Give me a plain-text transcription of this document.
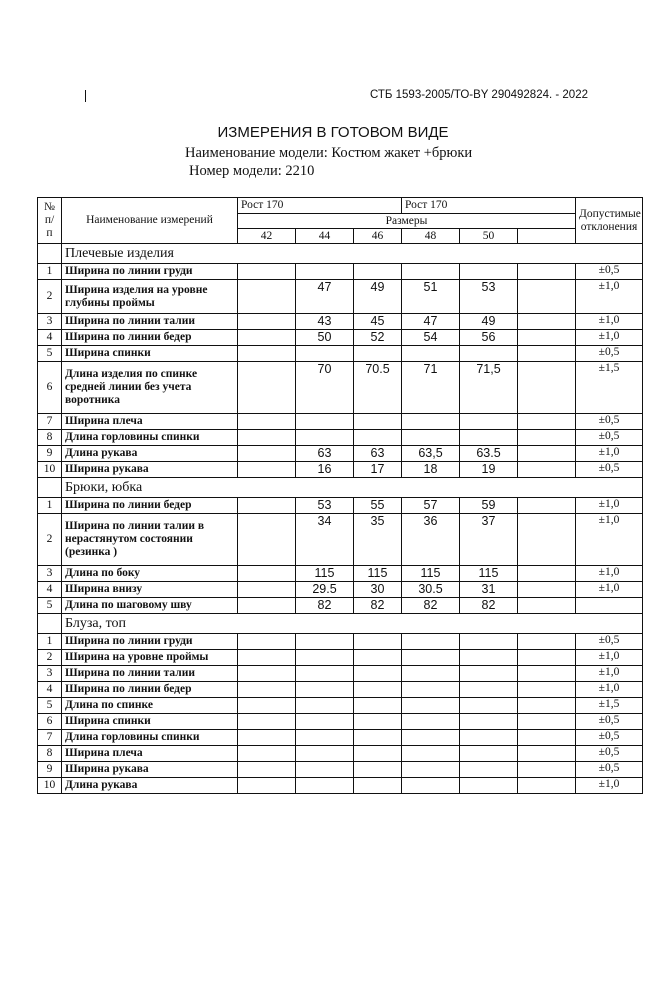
СТБ 1593-2005/ТО-BY 290492824. - 2022
ИЗМЕРЕНИЯ В ГОТОВОМ ВИДЕ
Наименование модели: Костюм жакет +брюки
Номер модели: 2210
№ п/ п	Наименование измерений	Рост 170			Рост 170			Допустимые отклонения
		Размеры						
		42	44	46	48	50		
	Плечевые изделия							
1	Ширина по линии груди							±0,5
2	Ширина изделия на уровне глубины проймы		47	49	51	53		±1,0
3	Ширина по линии талии		43	45	47	49		±1,0
4	Ширина по линии бедер		50	52	54	56		±1,0
5	Ширина спинки							±0,5
6	Длина изделия по спинке средней линии без учета воротника		70	70.5	71	71,5		±1,5
7	Ширина плеча							±0,5
8	Длина горловины спинки							±0,5
9	Длина рукава		63	63	63,5	63.5		±1,0
10	Ширина рукава		16	17	18	19		±0,5
	Брюки, юбка							
1	Ширина по линии бедер		53	55	57	59		±1,0
2	Ширина по линии талии в нерастянутом состоянии (резинка )		34	35	36	37		±1,0
3	Длина по боку		115	115	115	115		±1,0
4	Ширина внизу		29.5	30	30.5	31		±1,0
5	Длина по шаговому шву		82	82	82	82		
	Блуза, топ							
1	Ширина по линии груди							±0,5
2	Ширина на уровне проймы							±1,0
3	Ширина по линии талии							±1,0
4	Ширина по линии бедер							±1,0
5	Длина по спинке							±1,5
6	Ширина спинки							±0,5
7	Длина горловины спинки							±0,5
8	Ширина плеча							±0,5
9	Ширина рукава							±0,5
10	Длина рукава							±1,0
